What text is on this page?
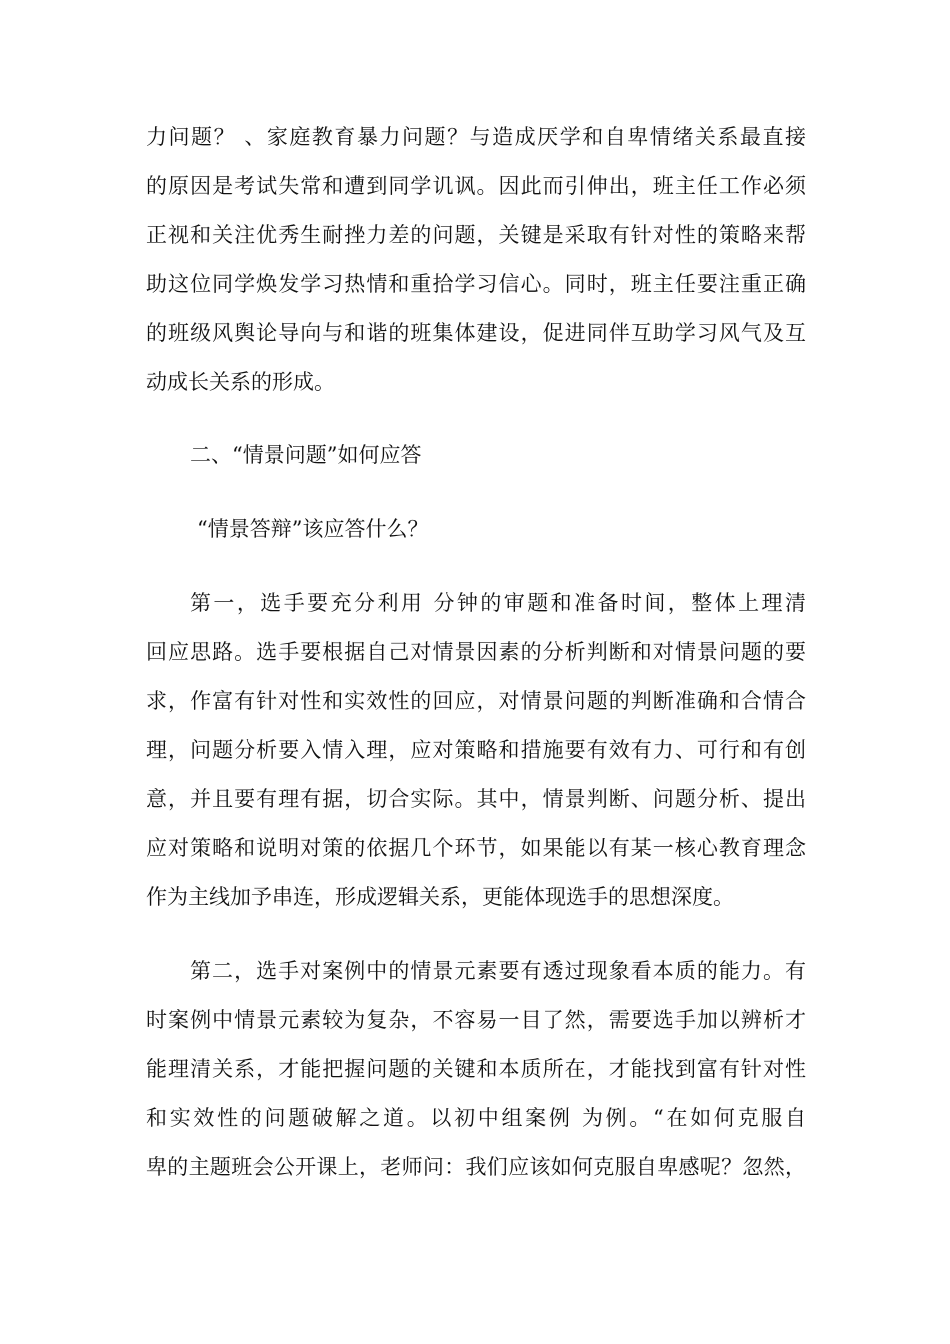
力问题？ 、家庭教育暴力问题？与造成厌学和自卑情绪关系最直接
的原因是考试失常和遭到同学讥讽。因此而引伸出，班主任工作必须
正视和关注优秀生耐挫力差的问题，关键是采取有针对性的策略来帮
助这位同学焕发学习热情和重拾学习信心。同时，班主任要注重正确
的班级风舆论导向与和谐的班集体建设，促进同伴互助学习风气及互
动成长关系的形成。
二、“情景问题”如何应答
“情景答辩”该应答什么？
第一，选手要充分利用 分钟的审题和准备时间，整体上理清
回应思路。选手要根据自己对情景因素的分析判断和对情景问题的要
求，作富有针对性和实效性的回应，对情景问题的判断准确和合情合
理，问题分析要入情入理，应对策略和措施要有效有力、可行和有创
意，并且要有理有据，切合实际。其中，情景判断、问题分析、提出
应对策略和说明对策的依据几个环节，如果能以有某一核心教育理念
作为主线加予串连，形成逻辑关系，更能体现选手的思想深度。
第二，选手对案例中的情景元素要有透过现象看本质的能力。有
时案例中情景元素较为复杂，不容易一目了然，需要选手加以辨析才
能理清关系，才能把握问题的关键和本质所在，才能找到富有针对性
和实效性的问题破解之道。以初中组案例 为例。“在如何克服自
卑的主题班会公开课上，老师问：我们应该如何克服自卑感呢？忽然，
